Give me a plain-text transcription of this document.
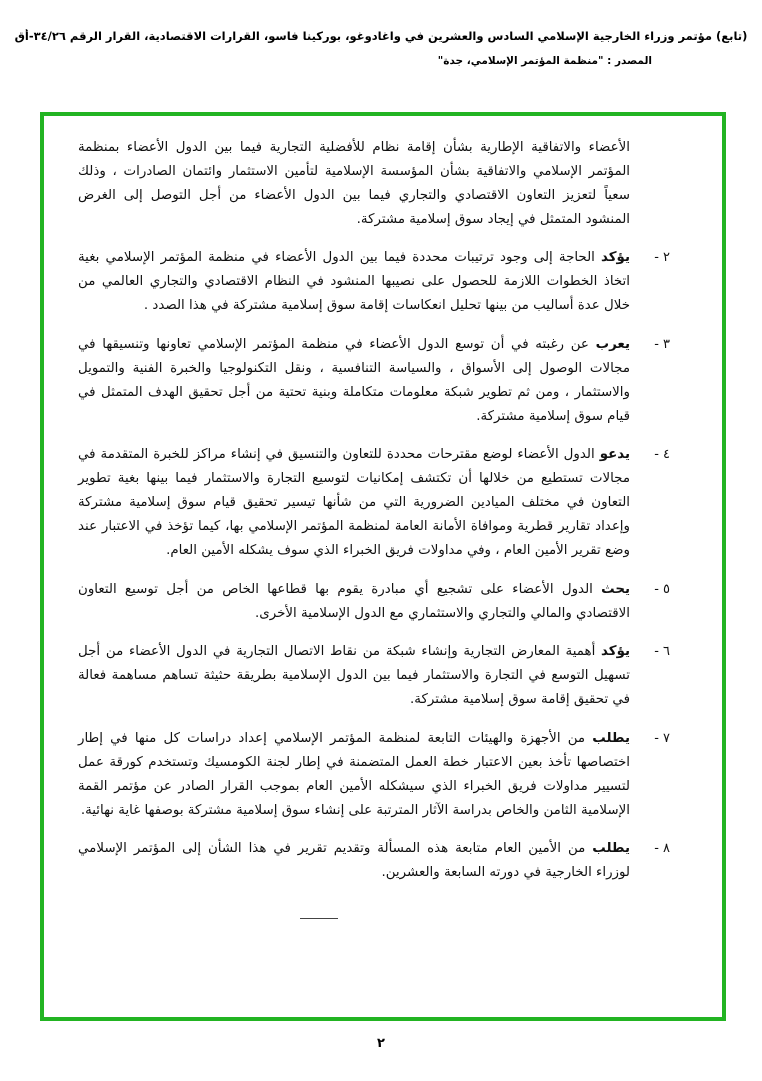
(تابع) مؤتمر وزراء الخارجية الإسلامي السادس والعشرين في واغادوغو، بوركينا فاسو، القرارات الاقتصادية، القرار الرقم ٣٤/٢٦-أق
المصدر : "منظمة المؤتمر الإسلامي، جدة"

الأعضاء والاتفاقية الإطارية بشأن إقامة نظام للأفضلية التجارية فيما بين الدول الأعضاء بمنظمة المؤتمر الإسلامي والاتفاقية بشأن المؤسسة الإسلامية لتأمين الاستثمار وائتمان الصادرات ، وذلك سعياً لتعزيز التعاون الاقتصادي والتجاري فيما بين الدول الأعضاء من أجل التوصل إلى الغرض المنشود المتمثل في إيجاد سوق إسلامية مشتركة.

٢ -

يؤكد الحاجة إلى وجود ترتيبات محددة فيما بين الدول الأعضاء في منظمة المؤتمر الإسلامي بغية اتخاذ الخطوات اللازمة للحصول على نصيبها المنشود في النظام الاقتصادي والتجاري العالمي من خلال عدة أساليب من بينها تحليل انعكاسات إقامة سوق إسلامية مشتركة في هذا الصدد .

٣ -

يعرب عن رغبته في أن توسع الدول الأعضاء في منظمة المؤتمر الإسلامي تعاونها وتنسيقها في مجالات الوصول إلى الأسواق ، والسياسة التنافسية ، ونقل التكنولوجيا والخبرة الفنية والتمويل والاستثمار ، ومن ثم تطوير شبكة معلومات متكاملة وبنية تحتية من أجل تحقيق الهدف المتمثل في قيام سوق إسلامية مشتركة.

٤ -

يدعو الدول الأعضاء لوضع مقترحات محددة للتعاون والتنسيق في إنشاء مراكز للخبرة المتقدمة في مجالات تستطيع من خلالها أن تكتشف إمكانيات لتوسيع التجارة والاستثمار فيما بينها بغية تطوير التعاون في مختلف الميادين الضرورية التي من شأنها تيسير تحقيق قيام سوق إسلامية مشتركة وإعداد تقارير قطرية وموافاة الأمانة العامة لمنظمة المؤتمر الإسلامي بها، كيما تؤخذ في الاعتبار عند وضع تقرير الأمين العام ، وفي مداولات فريق الخبراء الذي سوف يشكله الأمين العام.

٥ -

يحث الدول الأعضاء على تشجيع أي مبادرة يقوم بها قطاعها الخاص من أجل توسيع التعاون الاقتصادي والمالي والتجاري والاستثماري مع الدول الإسلامية الأخرى.

٦ -

يؤكد أهمية المعارض التجارية وإنشاء شبكة من نقاط الاتصال التجارية في الدول الأعضاء من أجل تسهيل التوسع في التجارة والاستثمار فيما بين الدول الإسلامية بطريقة حثيثة تساهم مساهمة فعالة في تحقيق إقامة سوق إسلامية مشتركة.

٧ -

يطلب من الأجهزة والهيئات التابعة لمنظمة المؤتمر الإسلامي إعداد دراسات كل منها في إطار اختصاصها تأخذ بعين الاعتبار خطة العمل المتضمنة في إطار لجنة الكومسيك وتستخدم كورقة عمل لتسيير مداولات فريق الخبراء الذي سيشكله الأمين العام بموجب القرار الصادر عن مؤتمر القمة الإسلامية الثامن والخاص بدراسة الآثار المترتبة على إنشاء سوق إسلامية مشتركة بوصفها غاية نهائية.

٨ -

يطلب من الأمين العام متابعة هذه المسألة وتقديم تقرير في هذا الشأن إلى المؤتمر الإسلامي لوزراء الخارجية في دورته السابعة والعشرين.

٢
